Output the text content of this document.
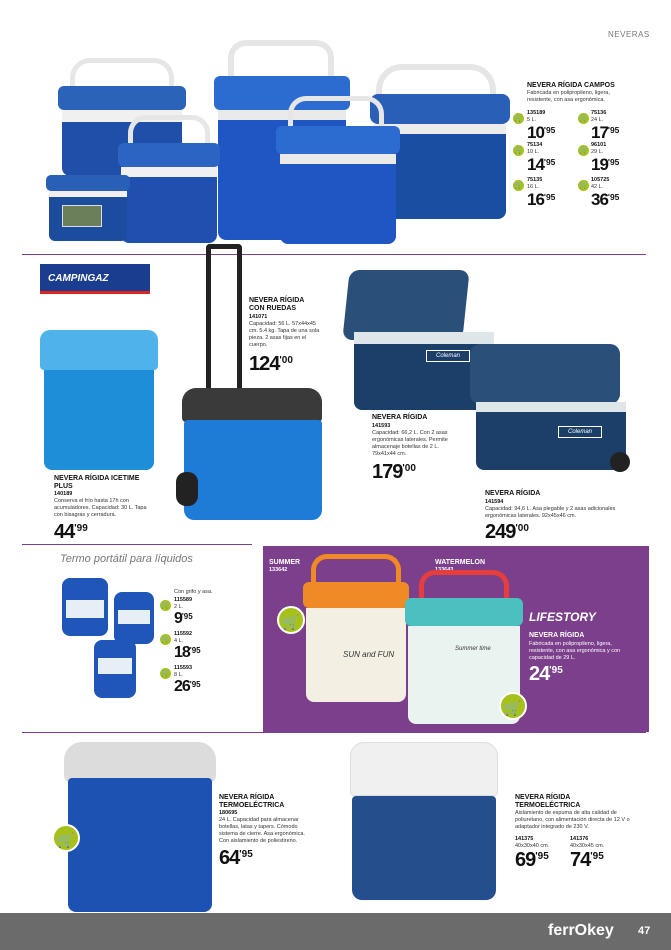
NEVERAS
NEVERA RÍGIDA CAMPOS
Fabricada en polipropileno, ligera, resistente, con asa ergonómica.
🛒
135189
5 L.
$10^{'95}$
🛒
75136
24 L.
$17^{'95}$
🛒
75134
10 L.
$14^{'95}$
🛒
96101
29 L.
$19^{'95}$
🛒
75135
16 L.
$16^{'95}$
🛒
105725
42 L.
$36^{'95}$
CAMPINGAZ
NEVERA RÍGIDA ICETIME PLUS
140189
Conserva el frío hasta 17h con acumuladores. Capacidad: 30 L. Tapa con bisagras y cerradura.
$44^{'99}$
NEVERA RÍGIDA CON RUEDAS
141071
Capacidad: 56 L. 57x44x45 cm. 5.4 kg. Tapa de una sola pieza. 2 asas fijas en el cuerpo.
$124^{'00}$	Coleman
NEVERA RÍGIDA
141593
Capacidad: 66,2 L. Con 2 asas ergonómicas laterales. Permite almacenaje botellas de 2 L. 79x41x44 cm.
$179^{'00}$
Coleman
NEVERA RÍGIDA
141594
Capacidad: 94,6 L. Asa plegable y 2 asas adicionales ergonómicas laterales. 92x45x46 cm.
$249^{'00}$
Termo portátil para líquidos
Con grifo y asa.
🛒
115589
2 L.
$9^{'95}$
🛒
115592
4 L.
$18^{'95}$
🛒
115593
8 L.
$26^{'95}$
SUMMER
133642
WATERMELON
133643
SUN and FUN
Summer time
🛒
🛒
LIFESTORY
NEVERA RÍGIDA
Fabricada en polipropileno, ligera, resistente, con asa ergonómica y con capacidad de 29 L.
$24^{'95}$
🛒
NEVERA RÍGIDA TERMOELÉCTRICA
180695
24 L. Capacidad para almacenar botellas, latas y tapers. Cómodo sistema de cierre. Asa ergonómica. Con aislamiento de poliestireno.
$64^{'95}$
NEVERA RÍGIDA TERMOELÉCTRICA
Aislamiento de espuma de alta calidad de poliuretano, con alimentación directa de 12 V o adaptador integrado de 230 V.
141375
40x30x40 cm.
$69^{'95}$
141376
40x30x45 cm.
$74^{'95}$
ferrOkey 47
